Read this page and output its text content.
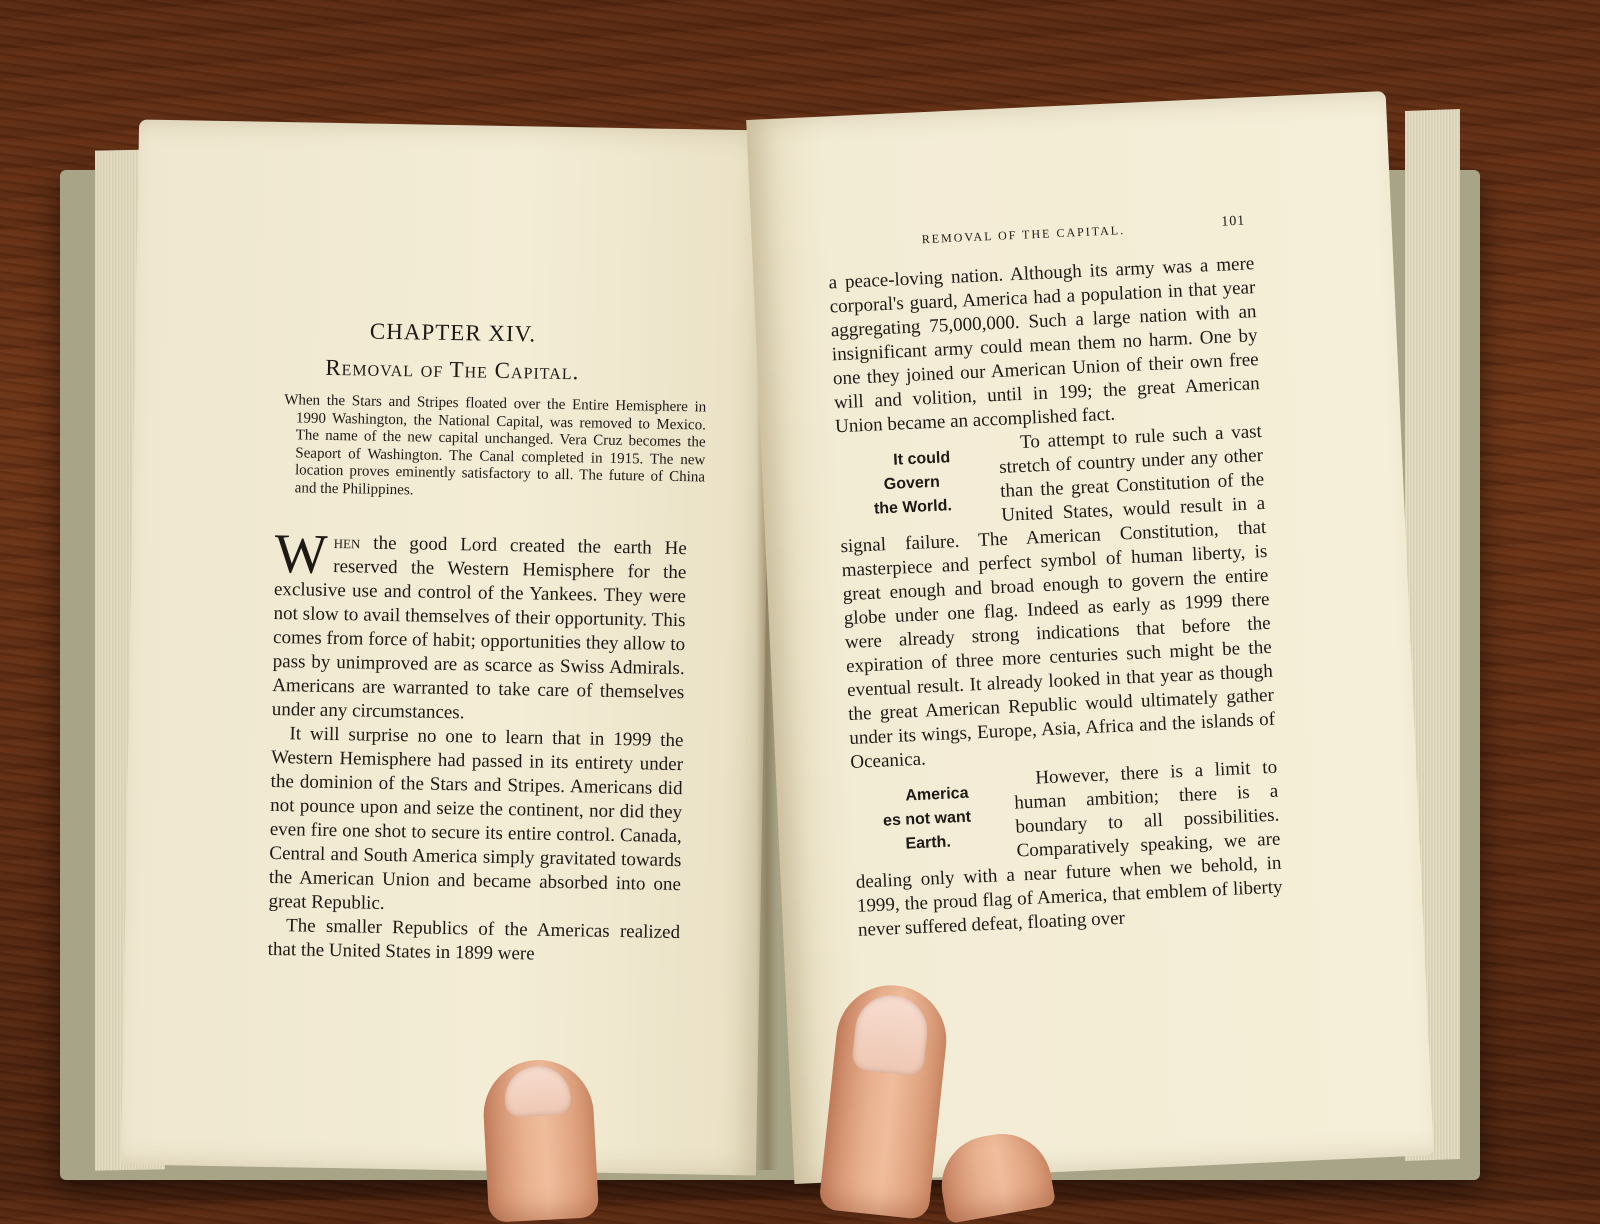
CHAPTER XIV.
Removal of The Capital.
When the Stars and Stripes floated over the Entire Hemisphere in 1990 Washington, the National Capital, was removed to Mexico. The name of the new capital unchanged. Vera Cruz becomes the Seaport of Washington. The Canal completed in 1915. The new location proves eminently satisfactory to all. The future of China and the Philippines.

When the good Lord created the earth He reserved the Western Hemisphere for the exclusive use and control of the Yankees. They were not slow to avail themselves of their opportunity. This comes from force of habit; opportunities they allow to pass by unimproved are as scarce as Swiss Admirals. Americans are warranted to take care of themselves under any circumstances.

It will surprise no one to learn that in 1999 the Western Hemisphere had passed in its entirety under the dominion of the Stars and Stripes. Americans did not pounce upon and seize the continent, nor did they even fire one shot to secure its entire control. Canada, Central and South America simply gravitated towards the American Union and became absorbed into one great Republic.

The smaller Republics of the Americas realized that the United States in 1899 were

REMOVAL OF THE CAPITAL.
101

a peace-loving nation. Although its army was a mere corporal's guard, America had a population in that year aggregating 75,000,000. Such a large nation with an insignificant army could mean them no harm. One by one they joined our American Union of their own free will and volition, until in 199; the great American Union became an accomplished fact.

It could
Govern
the World.
To attempt to rule such a vast stretch of country under any other than the great Constitution of the United States, would result in a signal failure. The American Constitution, that masterpiece and perfect symbol of human liberty, is great enough and broad enough to govern the entire globe under one flag. Indeed as early as 1999 there were already strong indications that before the expiration of three more centuries such might be the eventual result. It already looked in that year as though the great American Republic would ultimately gather under its wings, Europe, Asia, Africa and the islands of Oceanica.

America
es not want
Earth.
However, there is a limit to human ambition; there is a boundary to all possibilities. Comparatively speaking, we are dealing only with a near future when we behold, in 1999, the proud flag of America, that emblem of liberty never suffered defeat, floating over
